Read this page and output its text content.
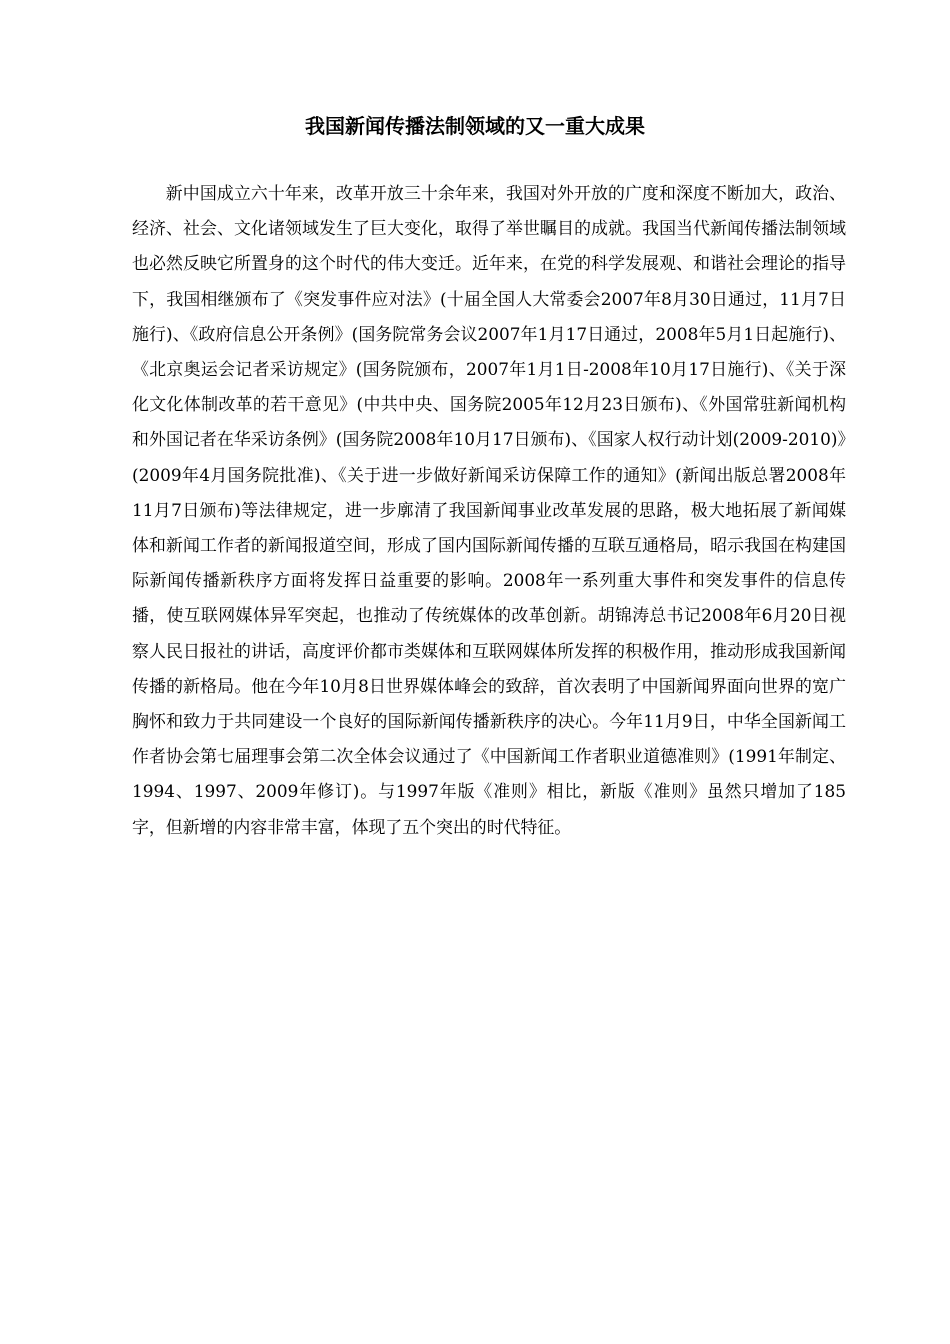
我国新闻传播法制领域的又一重大成果

新中国成立六十年来，改革开放三十余年来，我国对外开放的广度和深度不断加大，政治、经济、社会、文化诸领域发生了巨大变化，取得了举世瞩目的成就。我国当代新闻传播法制领域也必然反映它所置身的这个时代的伟大变迁。近年来，在党的科学发展观、和谐社会理论的指导下，我国相继颁布了《突发事件应对法》(十届全国人大常委会2007年8月30日通过，11月7日施行)、《政府信息公开条例》(国务院常务会议2007年1月17日通过，2008年5月1日起施行)、《北京奥运会记者采访规定》(国务院颁布，2007年1月1日-2008年10月17日施行)、《关于深化文化体制改革的若干意见》(中共中央、国务院2005年12月23日颁布)、《外国常驻新闻机构和外国记者在华采访条例》(国务院2008年10月17日颁布)、《国家人权行动计划(2009-2010)》(2009年4月国务院批准)、《关于进一步做好新闻采访保障工作的通知》(新闻出版总署2008年11月7日颁布)等法律规定，进一步廓清了我国新闻事业改革发展的思路，极大地拓展了新闻媒体和新闻工作者的新闻报道空间，形成了国内国际新闻传播的互联互通格局，昭示我国在构建国际新闻传播新秩序方面将发挥日益重要的影响。2008年一系列重大事件和突发事件的信息传播，使互联网媒体异军突起，也推动了传统媒体的改革创新。胡锦涛总书记2008年6月20日视察人民日报社的讲话，高度评价都市类媒体和互联网媒体所发挥的积极作用，推动形成我国新闻传播的新格局。他在今年10月8日世界媒体峰会的致辞，首次表明了中国新闻界面向世界的宽广胸怀和致力于共同建设一个良好的国际新闻传播新秩序的决心。今年11月9日，中华全国新闻工作者协会第七届理事会第二次全体会议通过了《中国新闻工作者职业道德准则》(1991年制定、1994、1997、2009年修订)。与1997年版《准则》相比，新版《准则》虽然只增加了185字，但新增的内容非常丰富，体现了五个突出的时代特征。
